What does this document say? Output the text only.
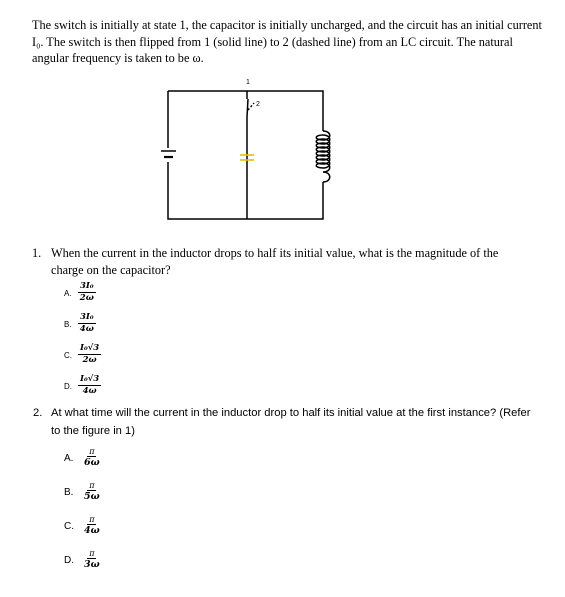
The switch is initially at state 1, the capacitor is initially uncharged, and the circuit has an initial current I₀. The switch is then flipped from 1 (solid line) to 2 (dashed line) from an LC circuit. The natural angular frequency is taken to be ω.
1
2
1. When the current in the inductor drops to half its initial value, what is the magnitude of the charge on the capacitor?
A. $\frac{\text{3I₀}}{2\omega}$
B. $\frac{\text{3I₀}}{4\omega}$
C. $\frac{\text{I₀√3}}{2\omega}$
D. $\frac{\text{I₀√3}}{4\omega}$
2. At what time will the current in the inductor drop to half its initial value at the first instance? (Refer to the figure in 1)
A.
π
6ω
B.
π
5ω
C.
π
4ω
D.
π
3ω
